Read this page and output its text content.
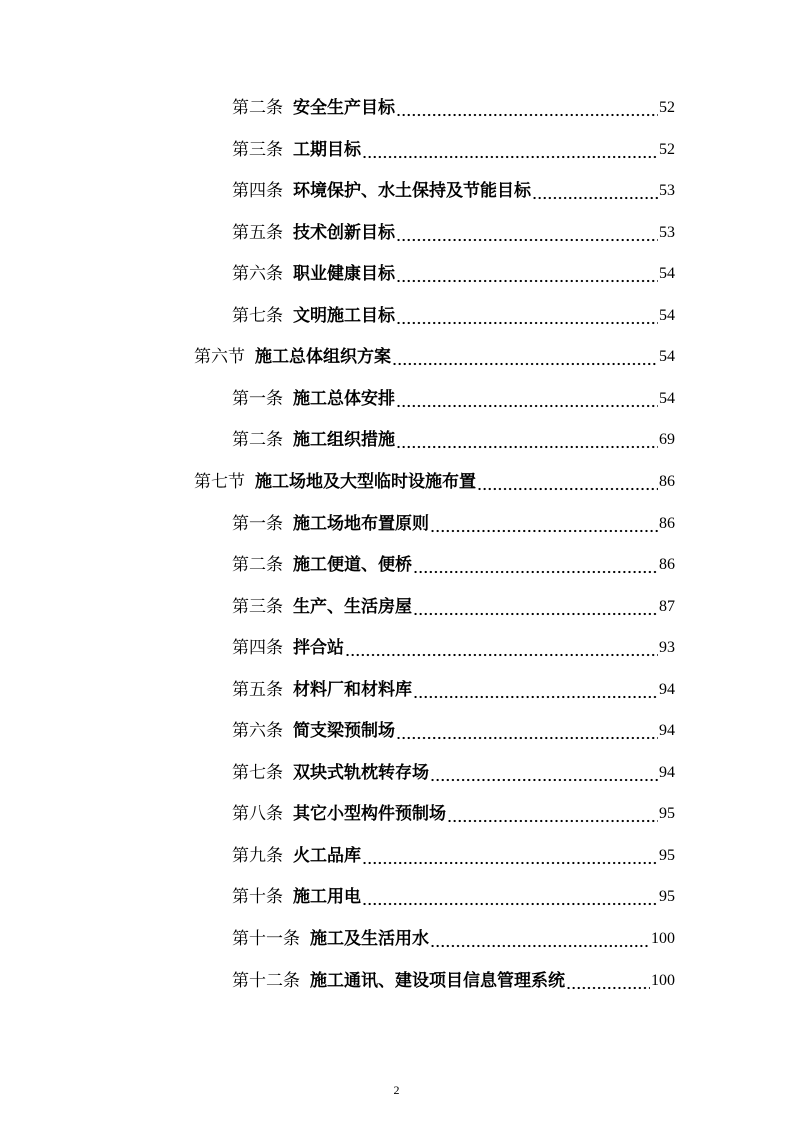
第二条 安全生产目标	52
第三条 工期目标	52
第四条 环境保护、水土保持及节能目标	53
第五条 技术创新目标	53
第六条 职业健康目标	54
第七条 文明施工目标	54
第六节 施工总体组织方案	54
第一条 施工总体安排	54
第二条 施工组织措施	69
第七节 施工场地及大型临时设施布置	86
第一条 施工场地布置原则	86
第二条 施工便道、便桥	86
第三条 生产、生活房屋	87
第四条 拌合站	93
第五条 材料厂和材料库	94
第六条 简支梁预制场	94
第七条 双块式轨枕转存场	94
第八条 其它小型构件预制场	95
第九条 火工品库	95
第十条 施工用电	95
第十一条 施工及生活用水	100
第十二条 施工通讯、建设项目信息管理系统	100
2
